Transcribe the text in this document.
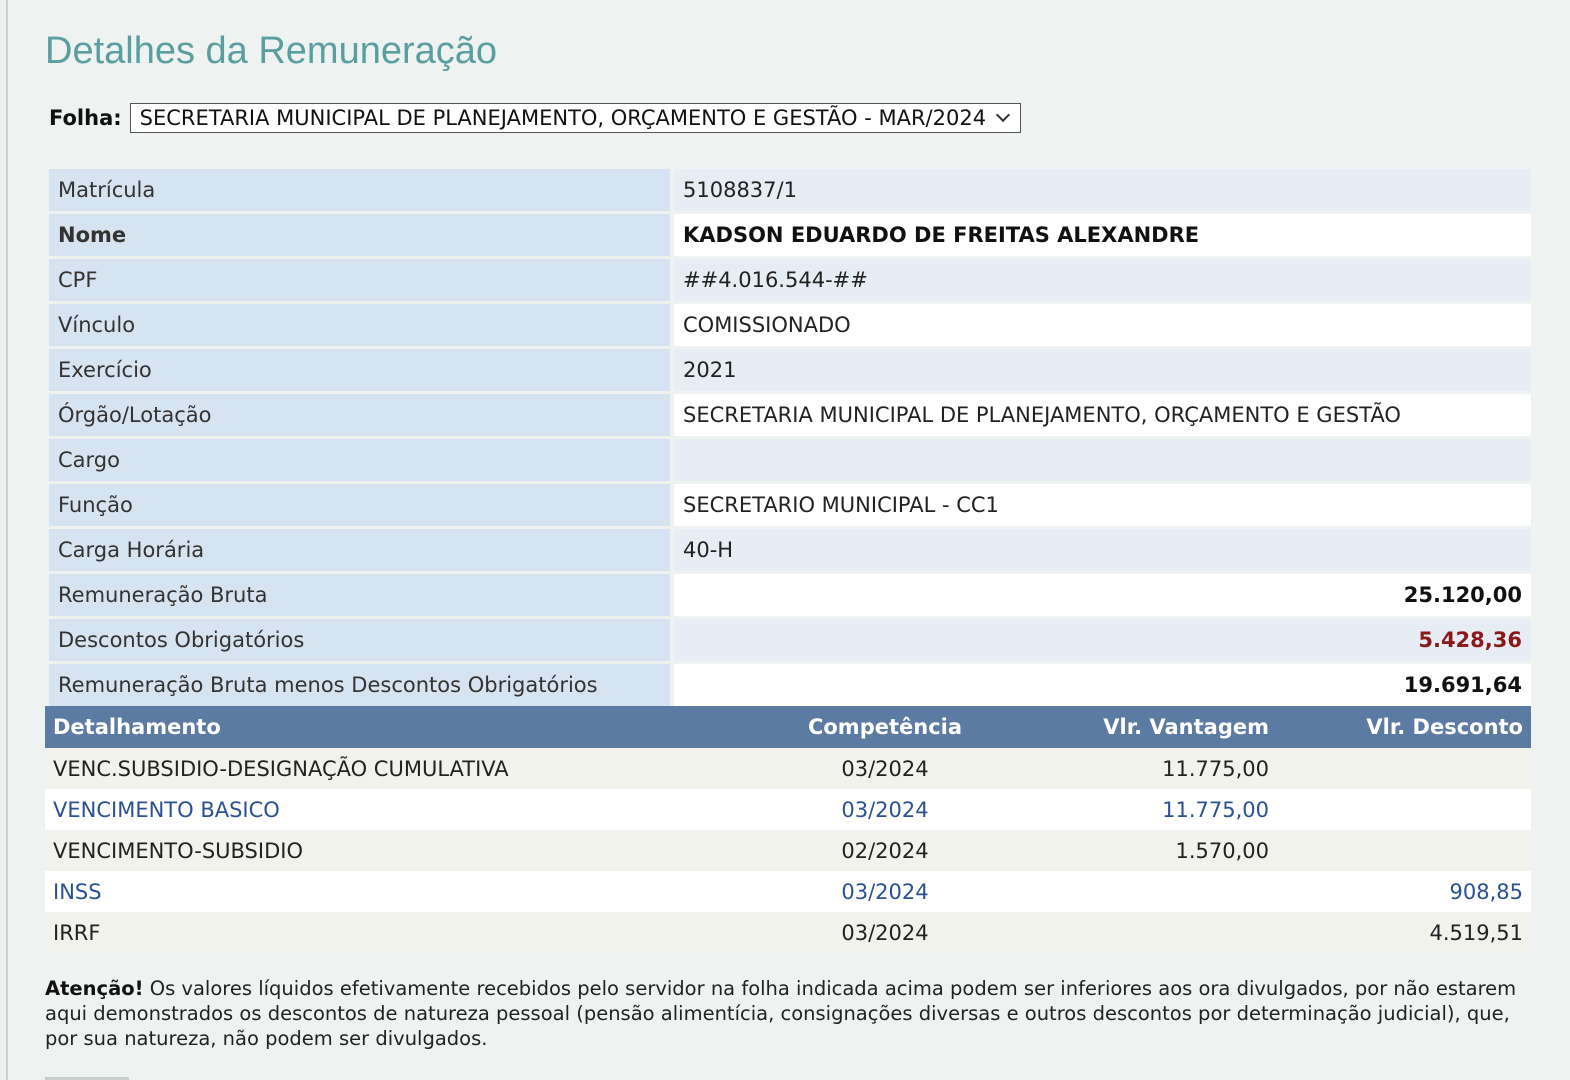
Detalhes da Remuneração
Folha: SECRETARIA MUNICIPAL DE PLANEJAMENTO, ORÇAMENTO E GESTÃO - MAR/2024
Matrícula	5108837/1
Nome	KADSON EDUARDO DE FREITAS ALEXANDRE
CPF	##4.016.544-##
Vínculo	COMISSIONADO
Exercício	2021
Órgão/Lotação	SECRETARIA MUNICIPAL DE PLANEJAMENTO, ORÇAMENTO E GESTÃO
Cargo	
Função	SECRETARIO MUNICIPAL - CC1
Carga Horária	40-H
Remuneração Bruta	25.120,00
Descontos Obrigatórios	5.428,36
Remuneração Bruta menos Descontos Obrigatórios	19.691,64
Detalhamento	Competência	Vlr. Vantagem	Vlr. Desconto
VENC.SUBSIDIO-DESIGNAÇÃO CUMULATIVA	03/2024	11.775,00	
VENCIMENTO BASICO	03/2024	11.775,00	
VENCIMENTO-SUBSIDIO	02/2024	1.570,00	
INSS	03/2024		908,85
IRRF	03/2024		4.519,51

Atenção! Os valores líquidos efetivamente recebidos pelo servidor na folha indicada acima podem ser inferiores aos ora divulgados, por não estarem aqui demonstrados os descontos de natureza pessoal (pensão alimentícia, consignações diversas e outros descontos por determinação judicial), que, por sua natureza, não podem ser divulgados.
